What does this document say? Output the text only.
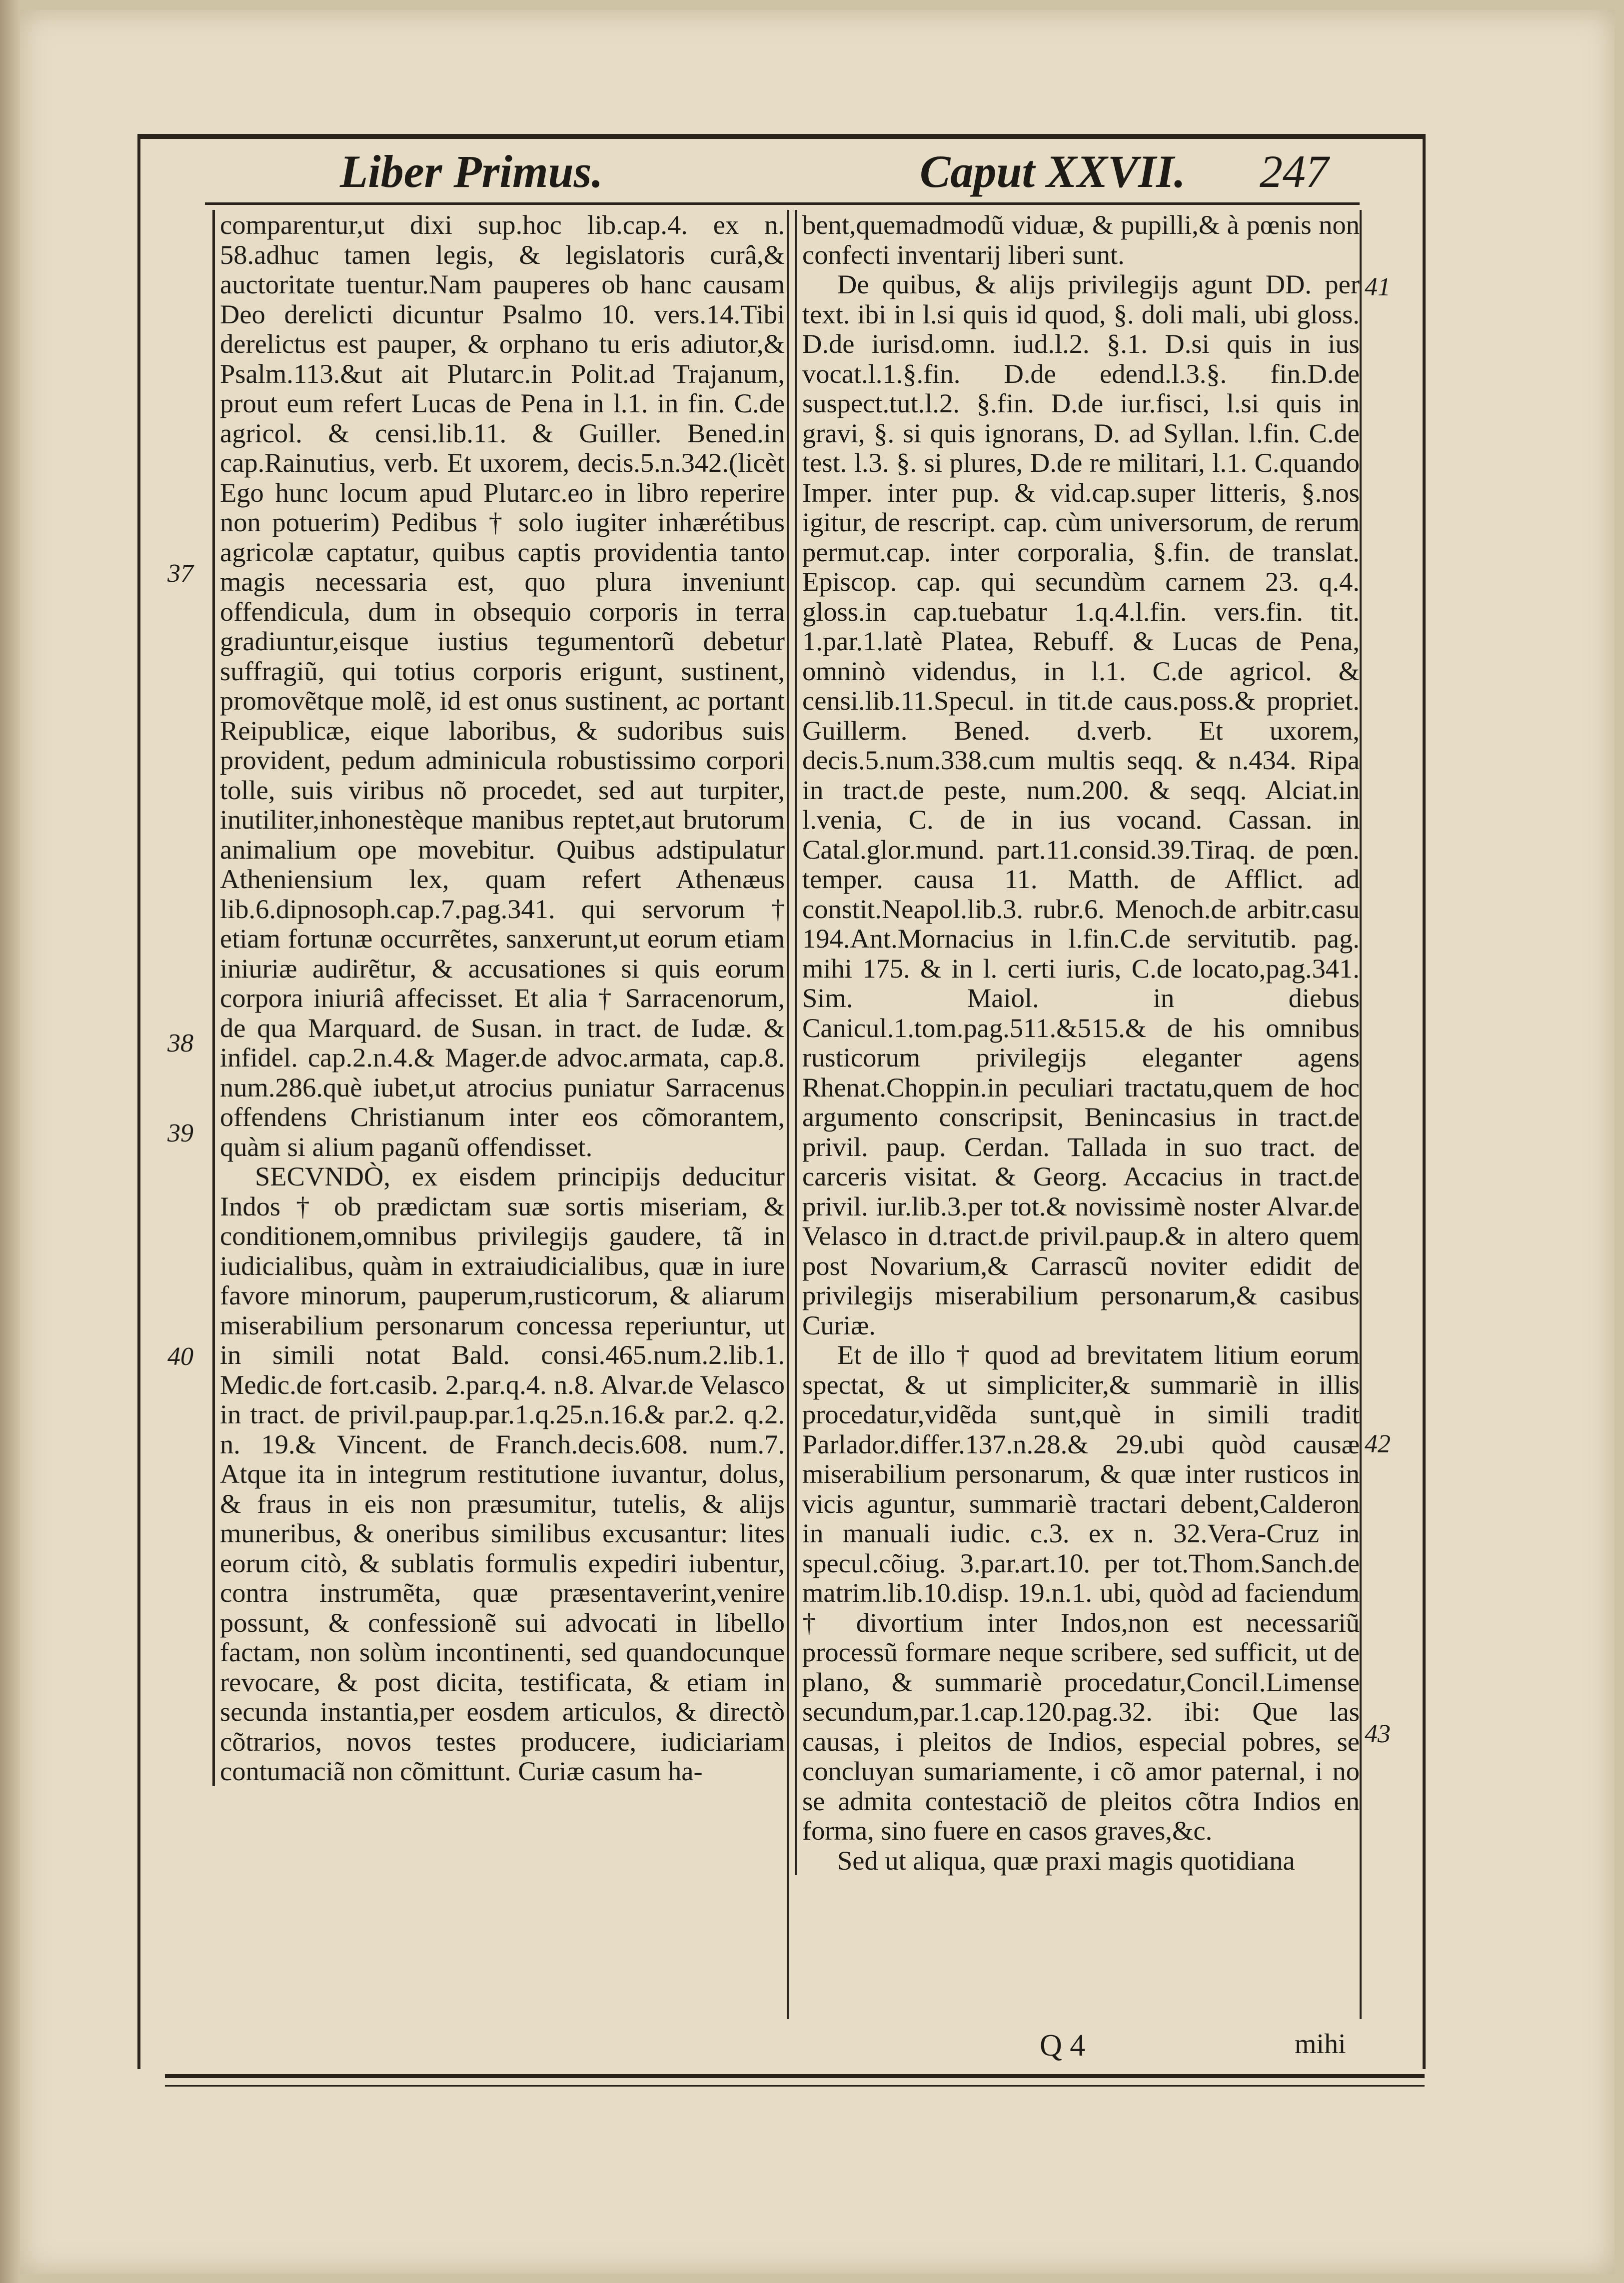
Liber Primus.	Caput XXVII. 247

comparentur,ut dixi sup.hoc lib.cap.4. ex n. 58.adhuc tamen legis, & legislatoris curâ,& auctoritate tuentur.Nam pauperes ob hanc causam Deo derelicti dicuntur Psalmo 10. vers.14.Tibi derelictus est pauper, & orphano tu eris adiutor,& Psalm.113.&ut ait Plutarc.in Polit.ad Trajanum, prout eum refert Lucas de Pena in l.1. in fin. C.de agricol. & censi.lib.11. & Guiller. Bened.in cap.Rainutius, verb. Et uxorem, decis.5.n.342.(licèt Ego hunc locum apud Plutarc.eo in libro reperire non potuerim) Pedibus † solo iugiter inhærétibus agricolæ captatur, quibus captis providentia tanto magis necessaria est, quo plura inveniunt offendicula, dum in obsequio corporis in terra gradiuntur,eisque iustius tegumentorũ debetur suffragiũ, qui totius corporis erigunt, sustinent, promovẽtque molẽ, id est onus sustinent, ac portant Reipublicæ, eique laboribus, & sudoribus suis provident, pedum adminicula robustissimo corpori tolle, suis viribus nõ procedet, sed aut turpiter, inutiliter,inhonestèque manibus reptet,aut brutorum animalium ope movebitur. Quibus adstipulatur Atheniensium lex, quam refert Athenæus lib.6.dipnosoph.cap.7.pag.341. qui servorum † etiam fortunæ occurrẽtes, sanxerunt,ut eorum etiam iniuriæ audirẽtur, & accusationes si quis eorum corpora iniuriâ affecisset. Et alia † Sarracenorum, de qua Marquard. de Susan. in tract. de Iudæ. & infidel. cap.2.n.4.& Mager.de advoc.armata, cap.8. num.286.què iubet,ut atrocius puniatur Sarracenus offendens Christianum inter eos cõmorantem, quàm si alium paganũ offendisset.

SECVNDÒ, ex eisdem principijs deducitur Indos † ob prædictam suæ sortis miseriam, & conditionem,omnibus privilegijs gaudere, tã in iudicialibus, quàm in extraiudicialibus, quæ in iure favore minorum, pauperum,rusticorum, & aliarum miserabilium personarum concessa reperiuntur, ut in simili notat Bald. consi.465.num.2.lib.1. Medic.de fort.casib. 2.par.q.4. n.8. Alvar.de Velasco in tract. de privil.paup.par.1.q.25.n.16.& par.2. q.2. n. 19.& Vincent. de Franch.decis.608. num.7. Atque ita in integrum restitutione iuvantur, dolus, & fraus in eis non præsumitur, tutelis, & alijs muneribus, & oneribus similibus excusantur: lites eorum citò, & sublatis formulis expediri iubentur, contra instrumẽta, quæ præsentaverint,venire possunt, & confessionẽ sui advocati in libello factam, non solùm incontinenti, sed quandocunque revocare, & post dicita, testificata, & etiam in secunda instantia,per eosdem articulos, & directò cõtrarios, novos testes producere, iudiciariam contumaciã non cõmittunt. Curiæ casum ha-

bent,quemadmodũ viduæ, & pupilli,& à pœnis non confecti inventarij liberi sunt.

De quibus, & alijs privilegijs agunt DD. per text. ibi in l.si quis id quod, §. doli mali, ubi gloss. D.de iurisd.omn. iud.l.2. §.1. D.si quis in ius vocat.l.1.§.fin. D.de edend.l.3.§. fin.D.de suspect.tut.l.2. §.fin. D.de iur.fisci, l.si quis in gravi, §. si quis ignorans, D. ad Syllan. l.fin. C.de test. l.3. §. si plures, D.de re militari, l.1. C.quando Imper. inter pup. & vid.cap.super litteris, §.nos igitur, de rescript. cap. cùm universorum, de rerum permut.cap. inter corporalia, §.fin. de translat. Episcop. cap. qui secundùm carnem 23. q.4. gloss.in cap.tuebatur 1.q.4.l.fin. vers.fin. tit. 1.par.1.latè Platea, Rebuff. & Lucas de Pena, omninò videndus, in l.1. C.de agricol. & censi.lib.11.Specul. in tit.de caus.poss.& propriet. Guillerm. Bened. d.verb. Et uxorem, decis.5.num.338.cum multis seqq. & n.434. Ripa in tract.de peste, num.200. & seqq. Alciat.in l.venia, C. de in ius vocand. Cassan. in Catal.glor.mund. part.11.consid.39.Tiraq. de pœn. temper. causa 11. Matth. de Afflict. ad constit.Neapol.lib.3. rubr.6. Menoch.de arbitr.casu 194.Ant.Mornacius in l.fin.C.de servitutib. pag. mihi 175. & in l. certi iuris, C.de locato,pag.341. Sim. Maiol. in diebus Canicul.1.tom.pag.511.&515.& de his omnibus rusticorum privilegijs eleganter agens Rhenat.Choppin.in peculiari tractatu,quem de hoc argumento conscripsit, Benincasius in tract.de privil. paup. Cerdan. Tallada in suo tract. de carceris visitat. & Georg. Accacius in tract.de privil. iur.lib.3.per tot.& novissimè noster Alvar.de Velasco in d.tract.de privil.paup.& in altero quem post Novarium,& Carrascũ noviter edidit de privilegijs miserabilium personarum,& casibus Curiæ.

Et de illo † quod ad brevitatem litium eorum spectat, & ut simpliciter,& summariè in illis procedatur,vidẽda sunt,què in simili tradit Parlador.differ.137.n.28.& 29.ubi quòd causæ miserabilium personarum, & quæ inter rusticos in vicis aguntur, summariè tractari debent,Calderon in manuali iudic. c.3. ex n. 32.Vera-Cruz in specul.cõiug. 3.par.art.10. per tot.Thom.Sanch.de matrim.lib.10.disp. 19.n.1. ubi, quòd ad faciendum † divortium inter Indos,non est necessariũ processũ formare neque scribere, sed sufficit, ut de plano, & summariè procedatur,Concil.Limense secundum,par.1.cap.120.pag.32. ibi: Que las causas, i pleitos de Indios, especial pobres, se concluyan sumariamente, i cõ amor paternal, i no se admita contestaciõ de pleitos cõtra Indios en forma, sino fuere en casos graves,&c.

Sed ut aliqua, quæ praxi magis quotidiana

37
38
39
40
41
42
43
Q 4	mihi
